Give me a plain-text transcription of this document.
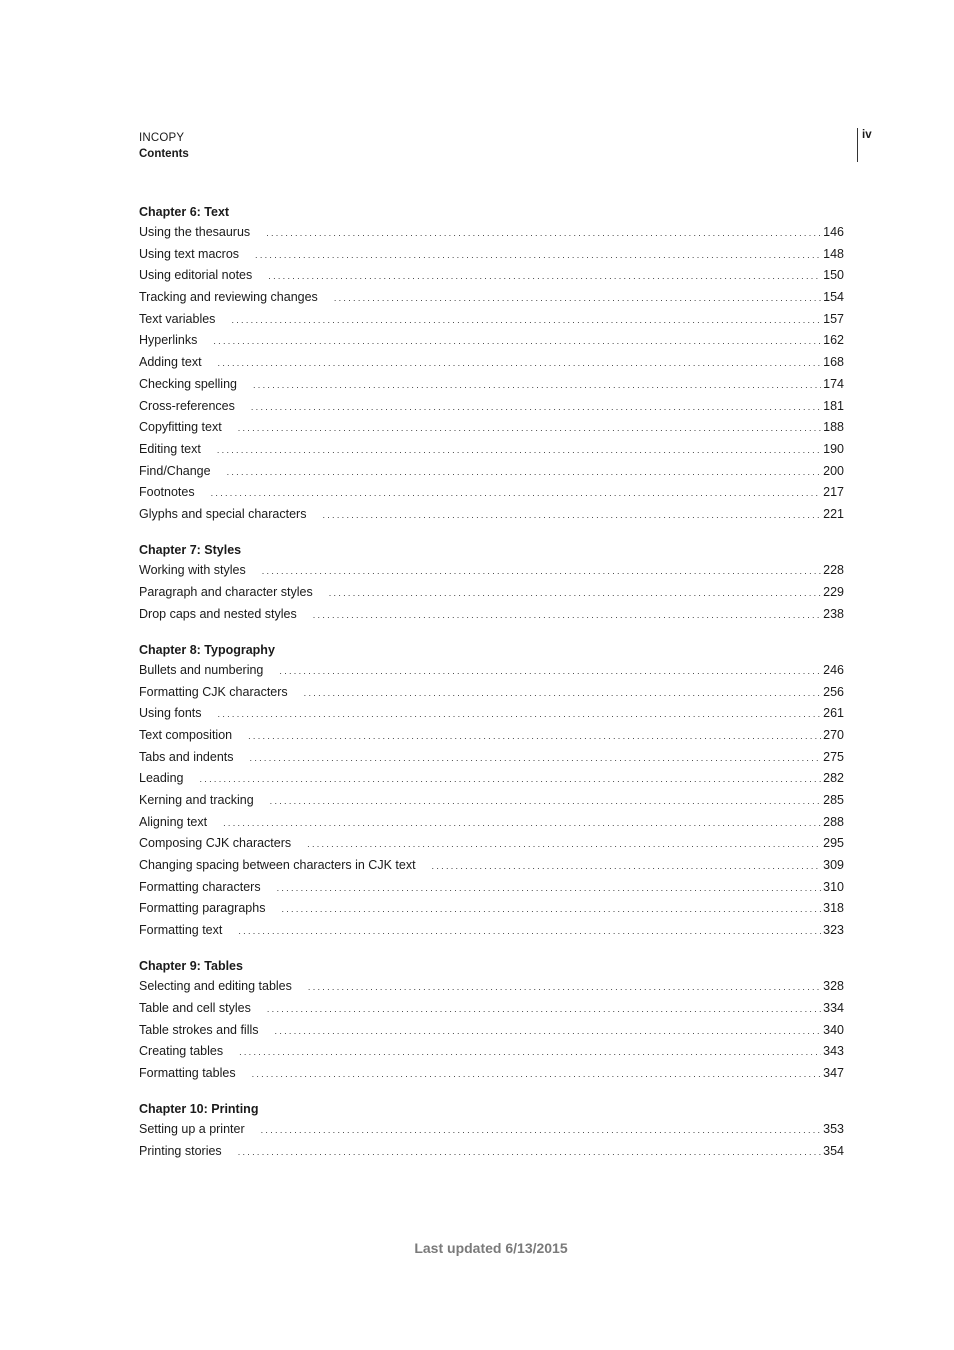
INCOPY
Contents
iv
Chapter 6: Text
Using the thesaurus . . .	146
Using text macros . . .	148
Using editorial notes . . .	150
Tracking and reviewing changes . . .	154
Text variables . . .	157
Hyperlinks . . .	162
Adding text . . .	168
Checking spelling . . .	174
Cross-references . . .	181
Copyfitting text . . .	188
Editing text . . .	190
Find/Change . . .	200
Footnotes . . .	217
Glyphs and special characters . . .	221
Chapter 7: Styles
Working with styles . . .	228
Paragraph and character styles . . .	229
Drop caps and nested styles . . .	238
Chapter 8: Typography
Bullets and numbering . . .	246
Formatting CJK characters . . .	256
Using fonts . . .	261
Text composition . . .	270
Tabs and indents . . .	275
Leading . . .	282
Kerning and tracking . . .	285
Aligning text . . .	288
Composing CJK characters . . .	295
Changing spacing between characters in CJK text . . .	309
Formatting characters . . .	310
Formatting paragraphs . . .	318
Formatting text . . .	323
Chapter 9: Tables
Selecting and editing tables . . .	328
Table and cell styles . . .	334
Table strokes and fills . . .	340
Creating tables . . .	343
Formatting tables . . .	347
Chapter 10: Printing
Setting up a printer . . .	353
Printing stories . . .	354
Last updated 6/13/2015
